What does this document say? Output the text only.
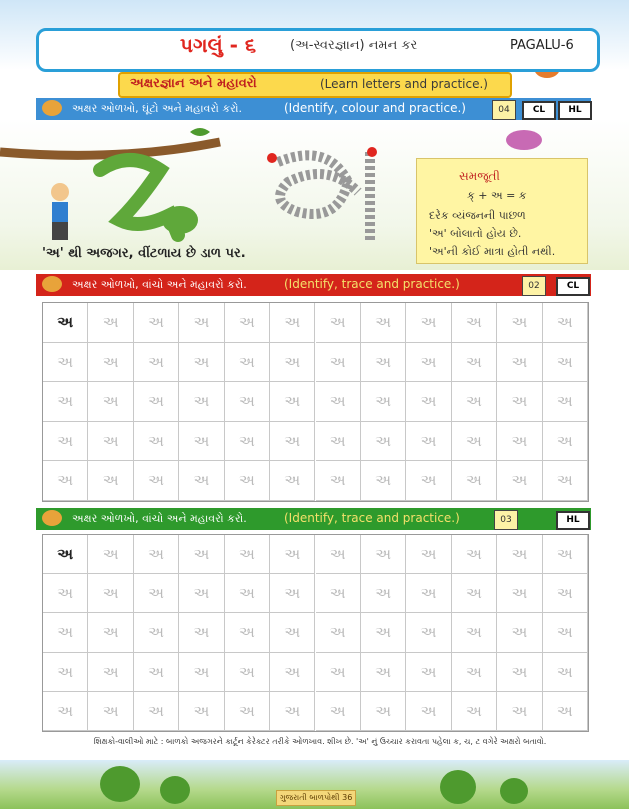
પગલું - ૬	(અ-સ્વરજ્ઞાન) નમન કર	PAGALU-6
અક્ષરજ્ઞાન અને મહાવરો	(Learn letters and practice.)
અક્ષર ઓળખો, ઘૂંટો અને મહાવરો કરો.	(Identify, colour and practice.)	04	CL	HL
'અ' થી અજગર, વીંટળાય છે ડાળ પર.
સમજૂતી
ક્ + અ = ક
દરેક વ્યંજનની પાછળ
'અ' બોલાતો હોય છે.
'અ'ની કોઈ માત્રા હોતી નથી.
અક્ષર ઓળખો, વાંચો અને મહાવરો કરો.	(Identify, trace and practice.)	02	CL
અ	અ	અ	અ	અ	અ	અ	અ	અ	અ	અ	અ
અ	અ	અ	અ	અ	અ	અ	અ	અ	અ	અ	અ
અ	અ	અ	અ	અ	અ	અ	અ	અ	અ	અ	અ
અ	અ	અ	અ	અ	અ	અ	અ	અ	અ	અ	અ
અ	અ	અ	અ	અ	અ	અ	અ	અ	અ	અ	અ
અક્ષર ઓળખો, વાંચો અને મહાવરો કરો.	(Identify, trace and practice.)	03	HL
અ	અ	અ	અ	અ	અ	અ	અ	અ	અ	અ	અ
અ	અ	અ	અ	અ	અ	અ	અ	અ	અ	અ	અ
અ	અ	અ	અ	અ	અ	અ	અ	અ	અ	અ	અ
અ	અ	અ	અ	અ	અ	અ	અ	અ	અ	અ	અ
અ	અ	અ	અ	અ	અ	અ	અ	અ	અ	અ	અ
શિક્ષકો-વાલીઓ માટે : બાળકો અજગરને કાર્ટૂન કેરેક્ટર તરીકે ઓળખાવ. શીખ છે. 'અ' નું ઉચ્ચાર કરાવતા પહેલા ક, ચ, ટ વગેરે અક્ષરો બતાવો.
ગુજરાતી બાળપોથી 36
